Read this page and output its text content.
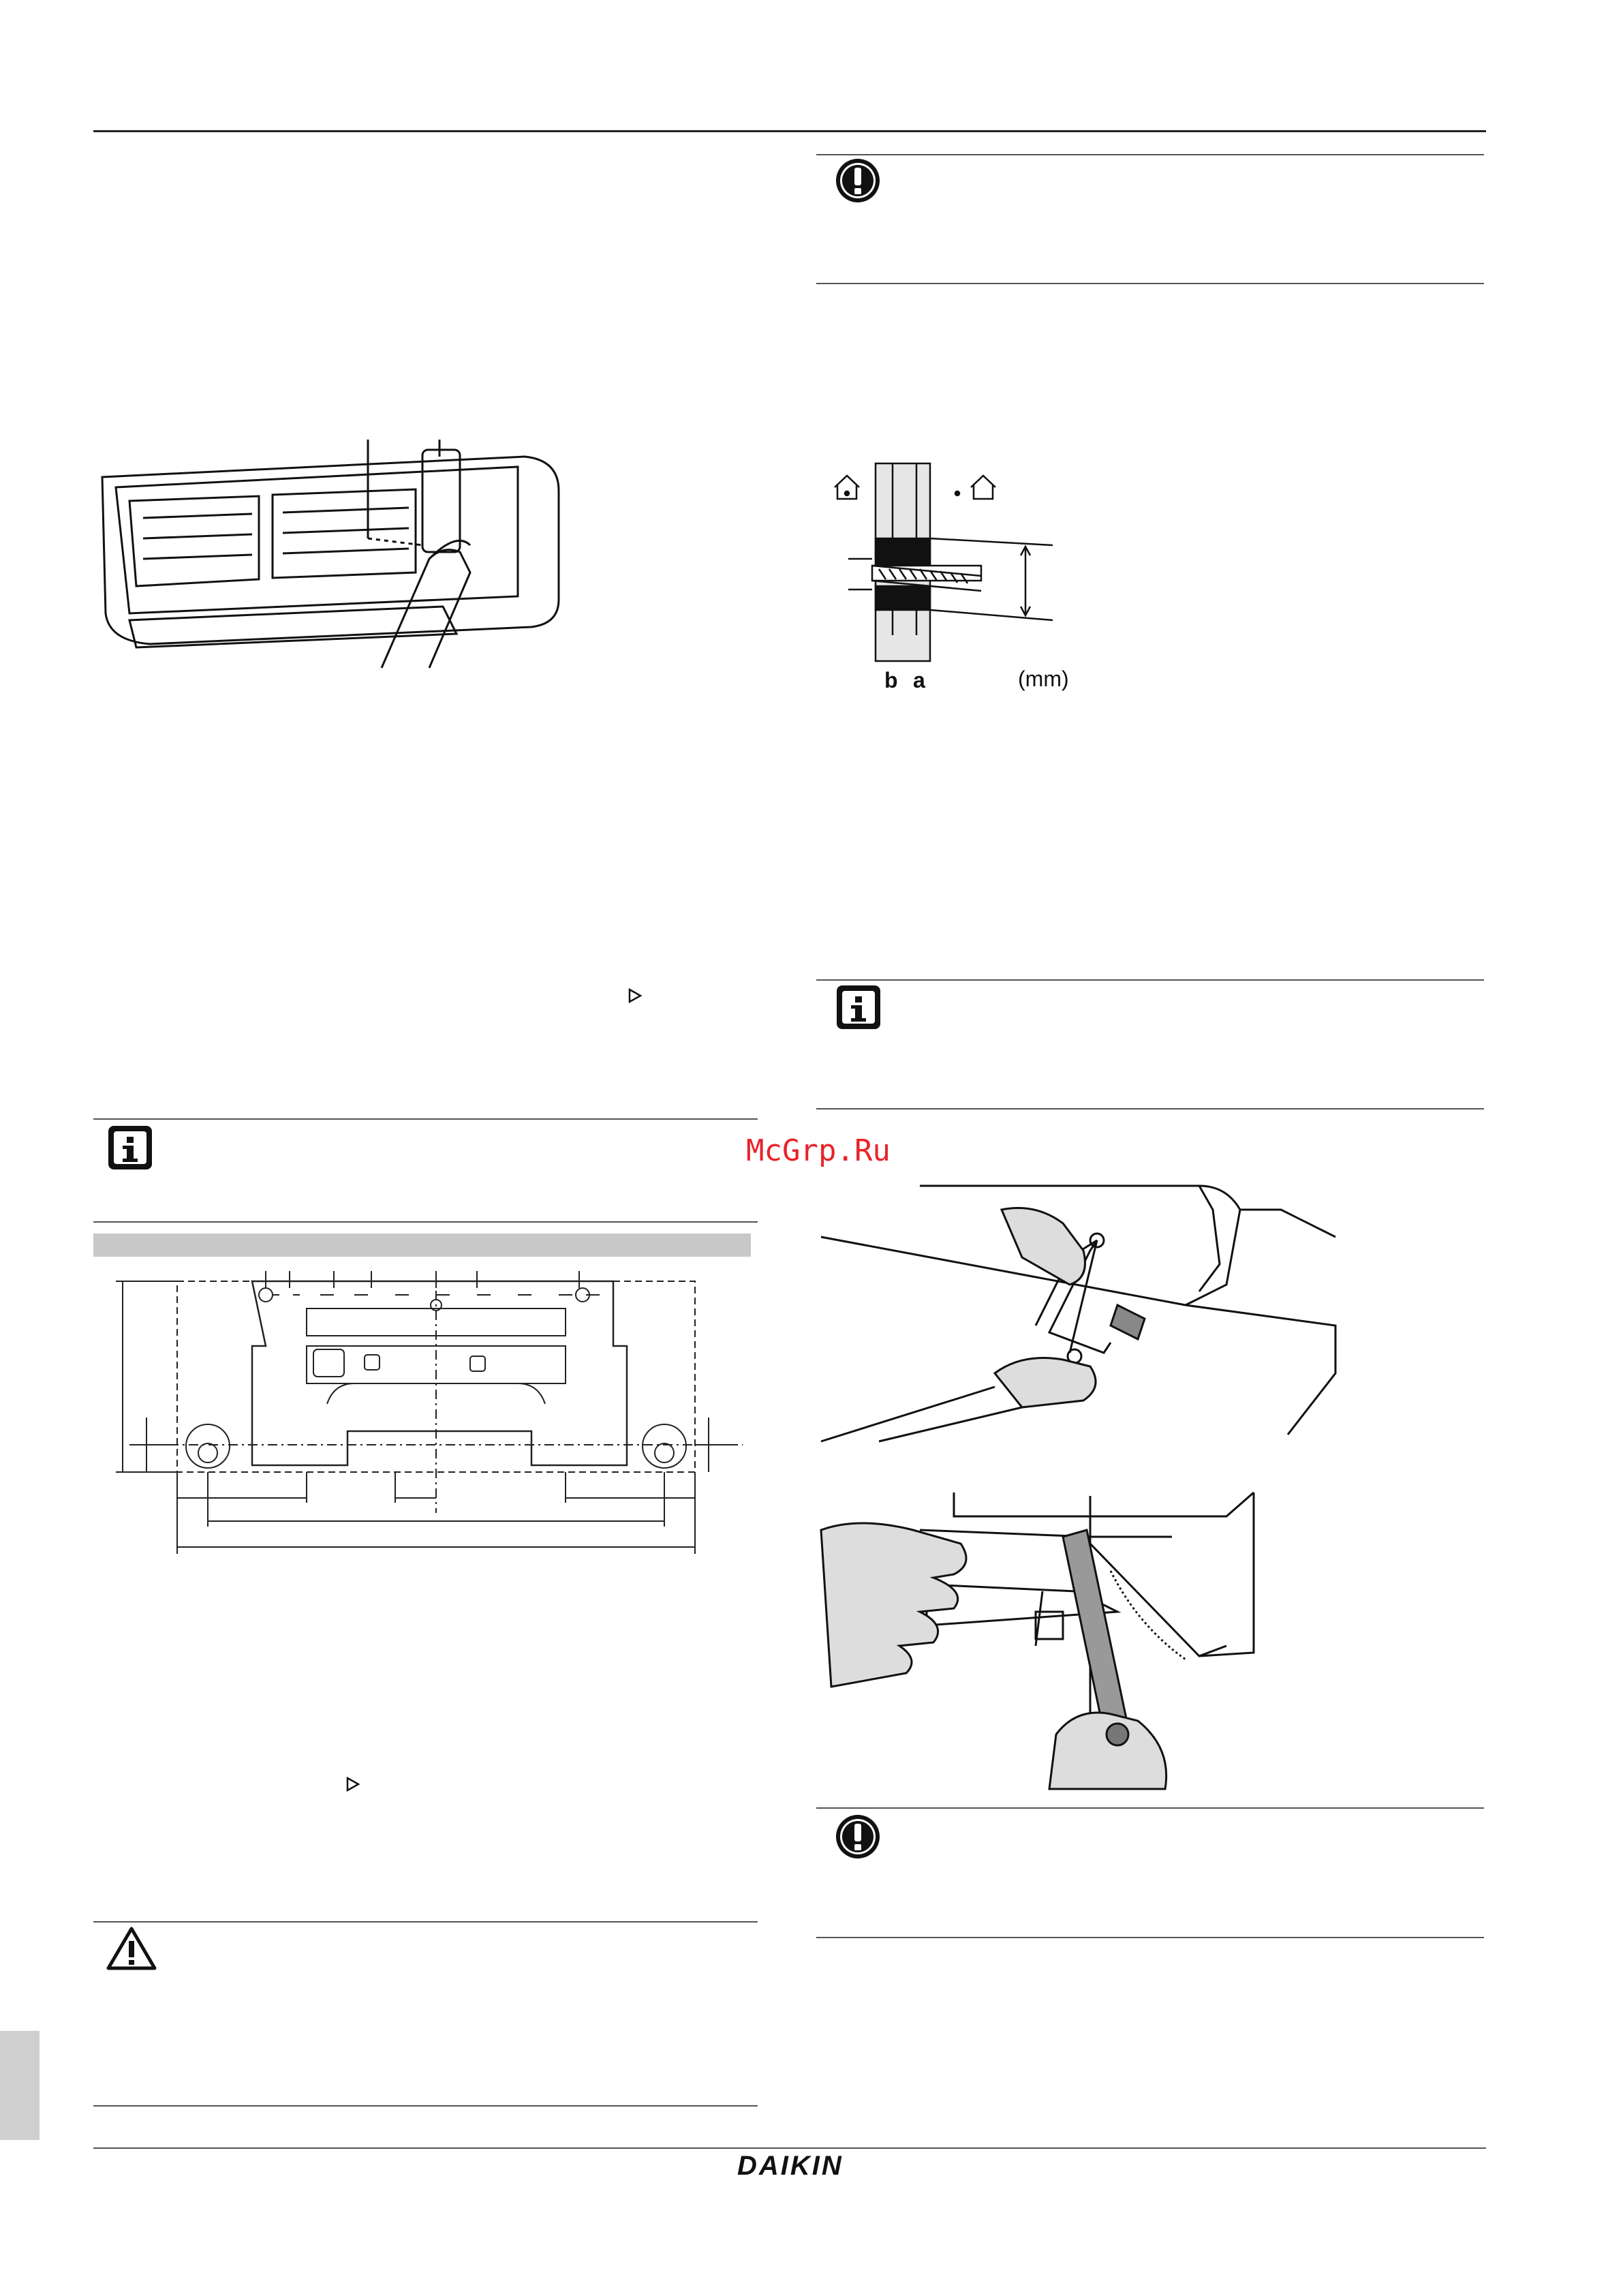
b a	(mm)
McGrp.Ru
DAIKIN
